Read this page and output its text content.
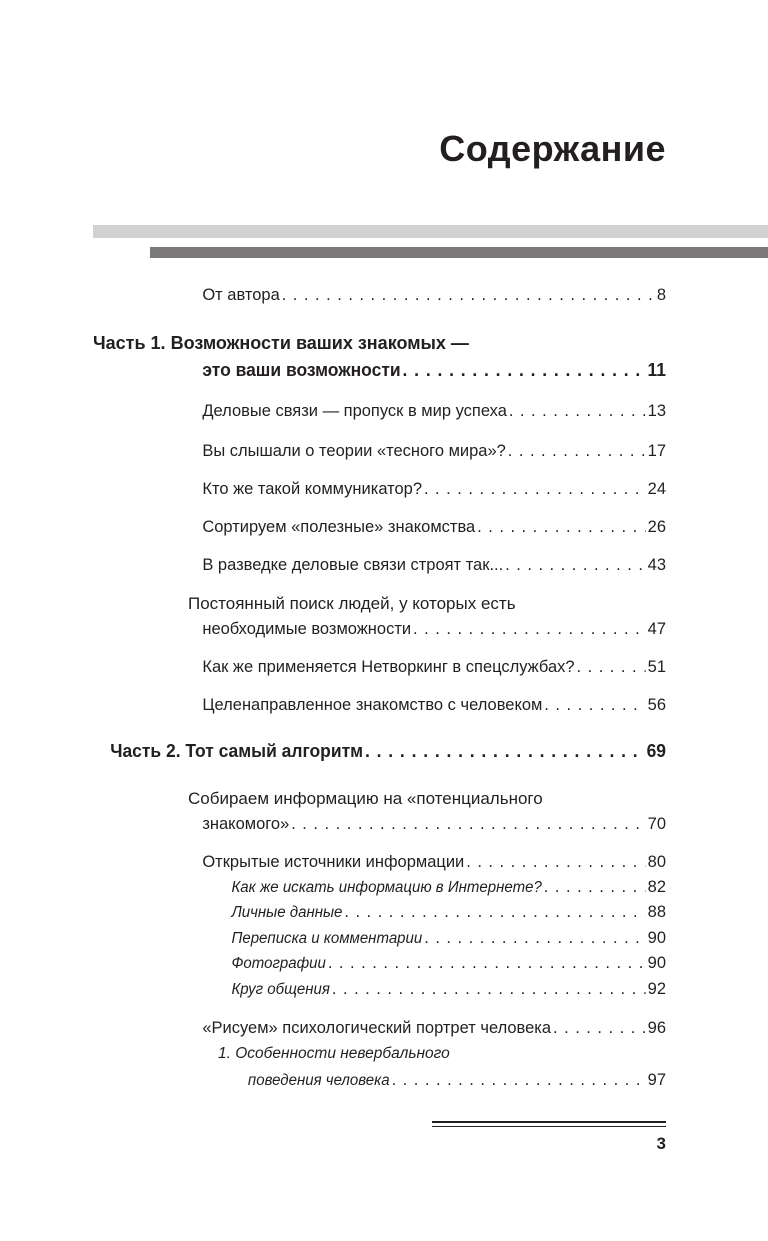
Содержание
От автора . . .	8
Часть 1. Возможности ваших знакомых —
это ваши возможности . . .	11
Деловые связи — пропуск в мир успеха . . .	13
Вы слышали о теории «тесного мира»? . . .	17
Кто же такой коммуникатор? . . .	24
Сортируем «полезные» знакомства . . .	26
В разведке деловые связи строят так... . . .	43
Постоянный поиск людей, у которых есть
необходимые возможности . . .	47
Как же применяется Нетворкинг в спецслужбах? . . .	51
Целенаправленное знакомство с человеком . . .	56
Часть 2. Тот самый алгоритм . . .	69
Собираем информацию на «потенциального
знакомого» . . .	70
Открытые источники информации . . .	80
Как же искать информацию в Интернете? . . .	82
Личные данные . . .	88
Переписка и комментарии . . .	90
Фотографии . . .	90
Круг общения . . .	92
«Рисуем» психологический портрет человека . . .	96
1. Особенности невербального
поведения человека . . .	97
3
